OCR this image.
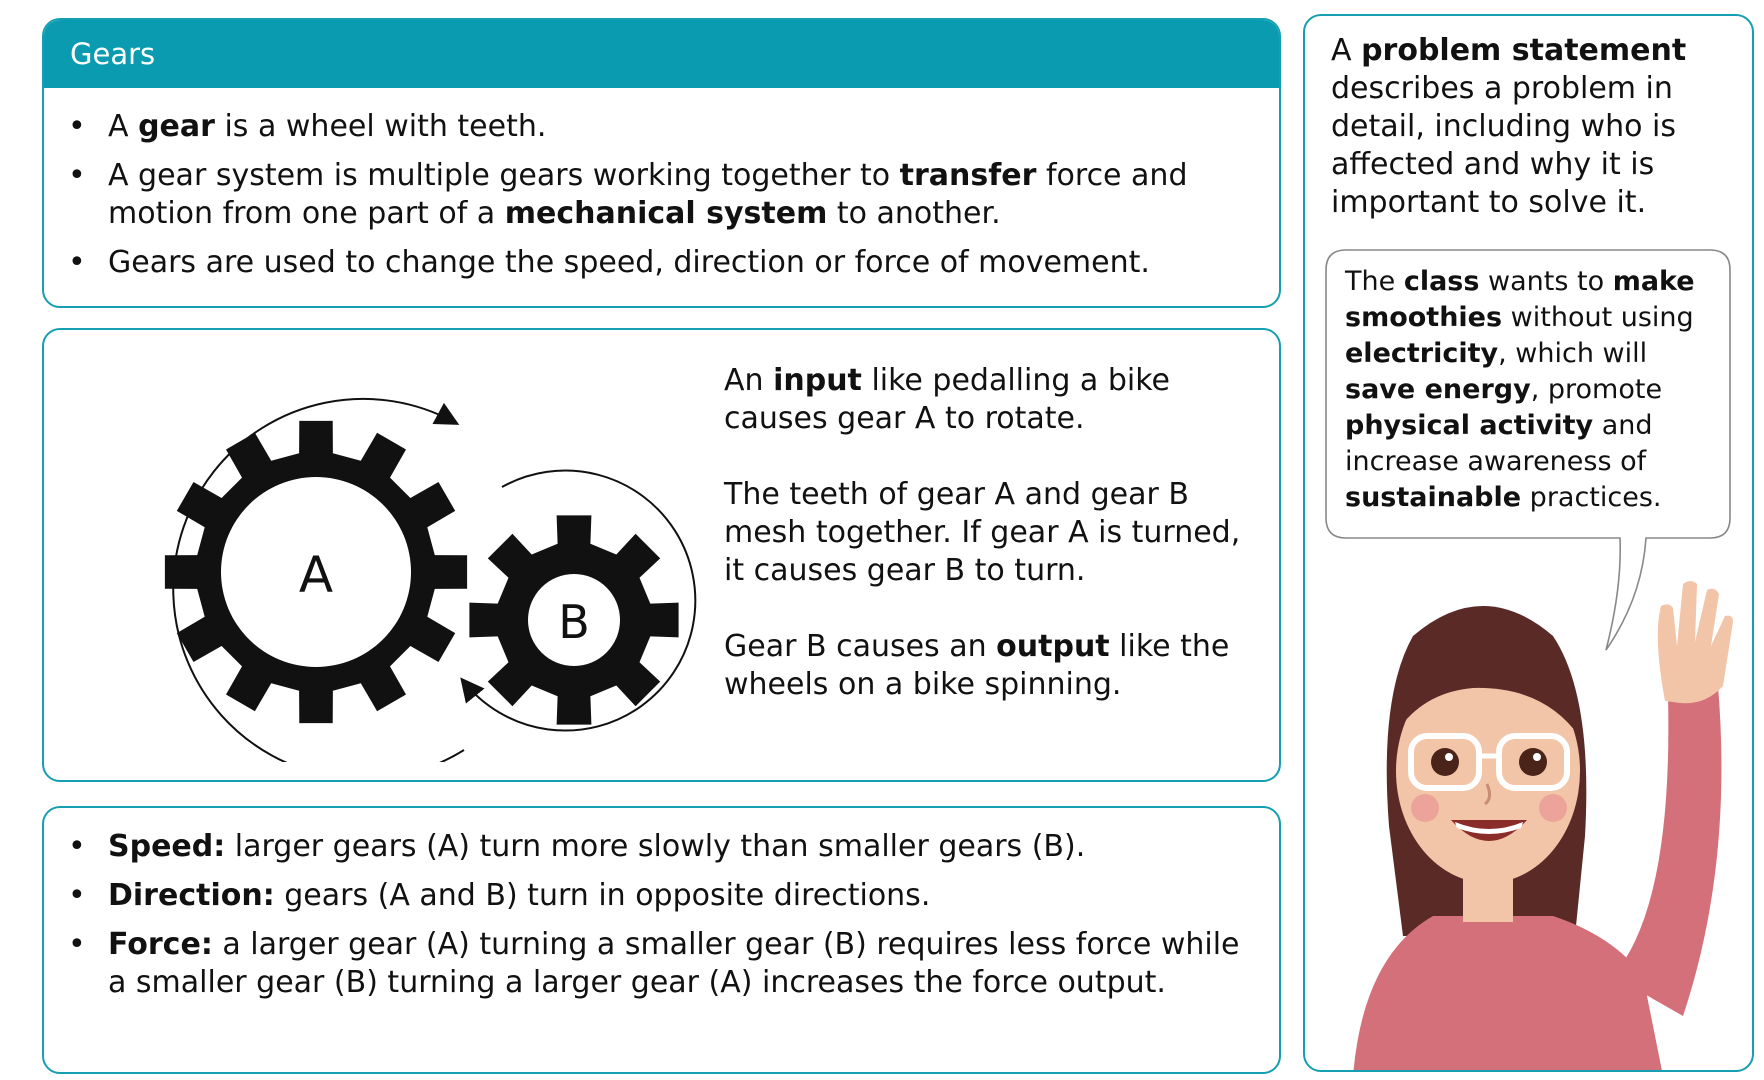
Gears
• A gear is a wheel with teeth.
• A gear system is multiple gears working together to transfer force and motion from one part of a mechanical system to another.
• Gears are used to change the speed, direction or force of movement.
A
B

An input like pedalling a bike causes gear A to rotate.

The teeth of gear A and gear B mesh together. If gear A is turned, it causes gear B to turn.

Gear B causes an output like the wheels on a bike spinning.

• Speed: larger gears (A) turn more slowly than smaller gears (B).
• Direction: gears (A and B) turn in opposite directions.
• Force: a larger gear (A) turning a smaller gear (B) requires less force while a smaller gear (B) turning a larger gear (A) increases the force output.
A problem statement describes a problem in detail, including who is affected and why it is important to solve it.
The class wants to make smoothies without using electricity, which will save energy, promote physical activity and increase awareness of sustainable practices.
